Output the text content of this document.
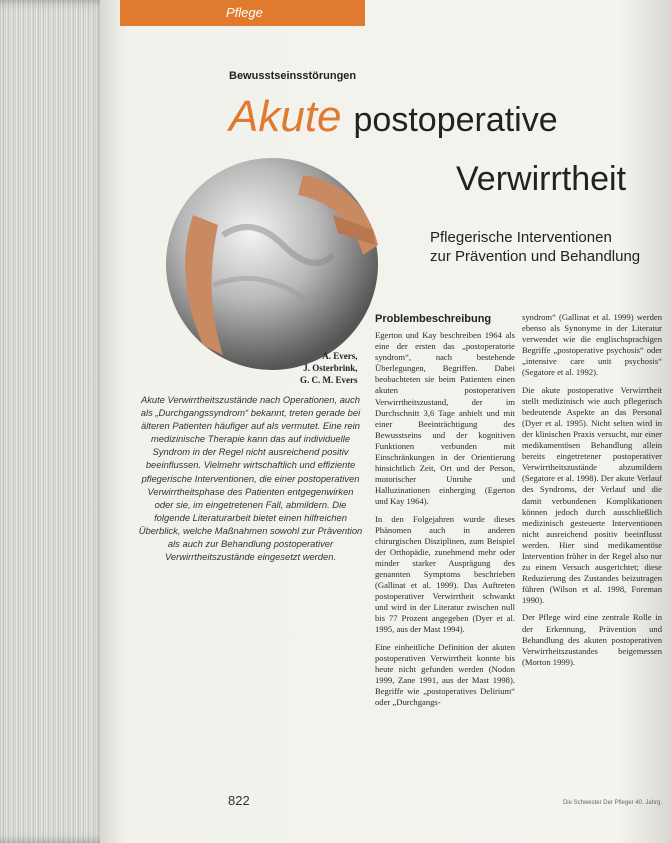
Pflege
Bewusstseinsstörungen
Akute postoperative
Verwirrtheit
Pflegerische Interventionen
zur Prävention und Behandlung
A. Evers,
J. Osterbrink,
G. C. M. Evers
Akute Verwirrtheitszustände nach Operationen, auch als „Durchgangssyndrom“ bekannt, treten gerade bei älteren Patienten häufiger auf als vermutet. Eine rein medizinische Therapie kann das auf individuelle Syndrom in der Regel nicht ausreichend positiv beeinflussen. Vielmehr wirtschaftlich und effiziente pflegerische Interventionen, die einer postoperativen Verwirrtheitsphase des Patienten entgegenwirken oder sie, im eingetretenen Fall, abmildern. Die folgende Literaturarbeit bietet einen hilfreichen Überblick, welche Maßnahmen sowohl zur Prävention als auch zur Behandlung postoperativer Verwirrtheitszustände eingesetzt werden.
Problembeschreibung

Egerton und Kay beschreiben 1964 als eine der ersten das „postoperatorie syndrom“, nach bestehende Überlegungen, Begriffen. Dabei beobachteten sie beim Patienten einen akuten postoperativen Verwirrtheitszustand, der im Durchschnitt 3,6 Tage anhielt und mit einer Beeinträchtigung des Bewusstseins und der kognitiven Funktionen verbunden mit Einschränkungen in der Orientierung hinsichtlich Zeit, Ort und der Person, motorischer Unruhe und Halluzinationen einherging (Egerton und Kay 1964).

In den Folgejahren wurde dieses Phänomen auch in anderen chirurgischen Disziplinen, zum Beispiel der Orthopädie, zunehmend mehr oder minder starker Ausprägung des genannten Symptoms beschrieben (Gallinat et al. 1999). Das Auftreten postoperativer Verwirrtheit schwankt und wird in der Literatur zwischen null bis 77 Prozent angegeben (Dyer et al. 1995, aus der Mast 1994).

Eine einheitliche Definition der akuten postoperativen Verwirrtheit konnte bis heute nicht gefunden werden (Nodon 1999, Zane 1991, aus der Mast 1998). Begriffe wie „postoperatives Delirium“ oder „Durchgangs-

syndrom“ (Gallinat et al. 1999) werden ebenso als Synonyme in der Literatur verwendet wie die englischsprachigen Begriffe „postoperative psychosis“ oder „intensive care unit psychosis“ (Segatore et al. 1992).

Die akute postoperative Verwirrtheit stellt medizinisch wie auch pflegerisch bedeutende Aspekte an das Personal (Dyer et al. 1995). Nicht selten wird in der klinischen Praxis versucht, nur einer medikamentösen Behandlung allein bereits eingetretener postoperativer Verwirrtheitszustände abzumildern (Segatore et al. 1998). Der akute Verlauf des Syndroms, der Verlauf und die damit verbundenen Komplikationen können jedoch durch ausschließlich medizinisch gesteuerte Interventionen nicht ausreichend positiv beeinflusst werden. Hier sind medikamentöse Intervention früher in der Regel also nur zu einem Versuch ausgerichtet; diese Reduzierung des Zustandes beizutragen führen (Wilson et al. 1998, Foreman 1990).

Der Pflege wird eine zentrale Rolle in der Erkennung, Prävention und Behandlung des akuten postoperativen Verwirrheitszustandes beigemessen (Morton 1999).

822	Die Schwester Der Pfleger 40. Jahrg.
